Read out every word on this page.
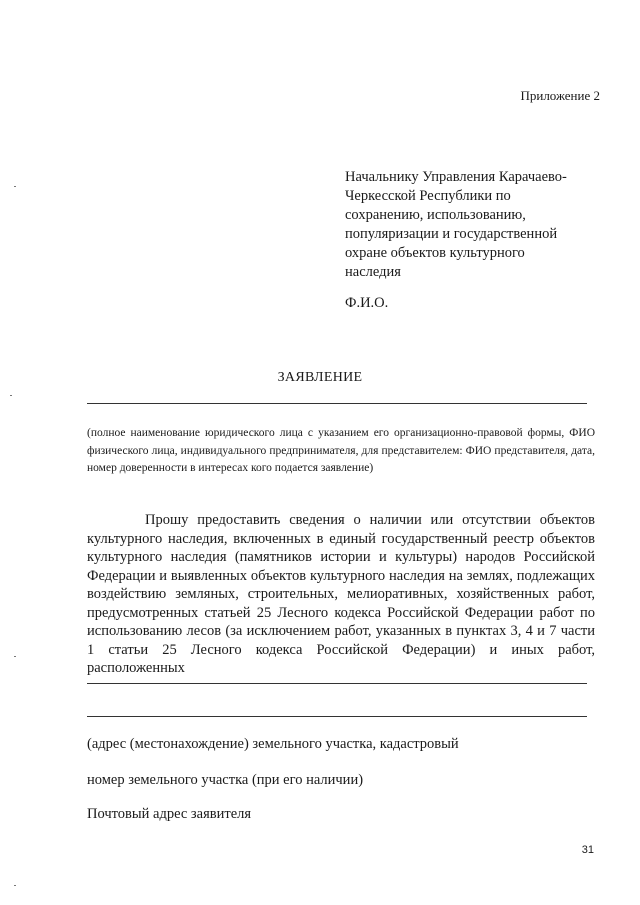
Приложение 2
Начальнику Управления Карачаево-
Черкесской Республики по
сохранению, использованию,
популяризации и государственной
охране объектов культурного
наследия
Ф.И.О.
ЗАЯВЛЕНИЕ
(полное наименование юридического лица с указанием его организационно-правовой формы, ФИО физического лица, индивидуального предпринимателя, для представителем: ФИО представителя, дата, номер доверенности в интересах кого подается заявление)
Прошу предоставить сведения о наличии или отсутствии объектов культурного наследия, включенных в единый государственный реестр объектов культурного наследия (памятников истории и культуры) народов Российской Федерации и выявленных объектов культурного наследия на землях, подлежащих воздействию земляных, строительных, мелиоративных, хозяйственных работ, предусмотренных статьей 25 Лесного кодекса Российской Федерации работ по использованию лесов (за исключением работ, указанных в пунктах 3, 4 и 7 части 1 статьи 25 Лесного кодекса Российской Федерации) и иных работ, расположенных
(адрес (местонахождение) земельного участка, кадастровый
номер земельного участка (при его наличии)
Почтовый адрес заявителя
31
